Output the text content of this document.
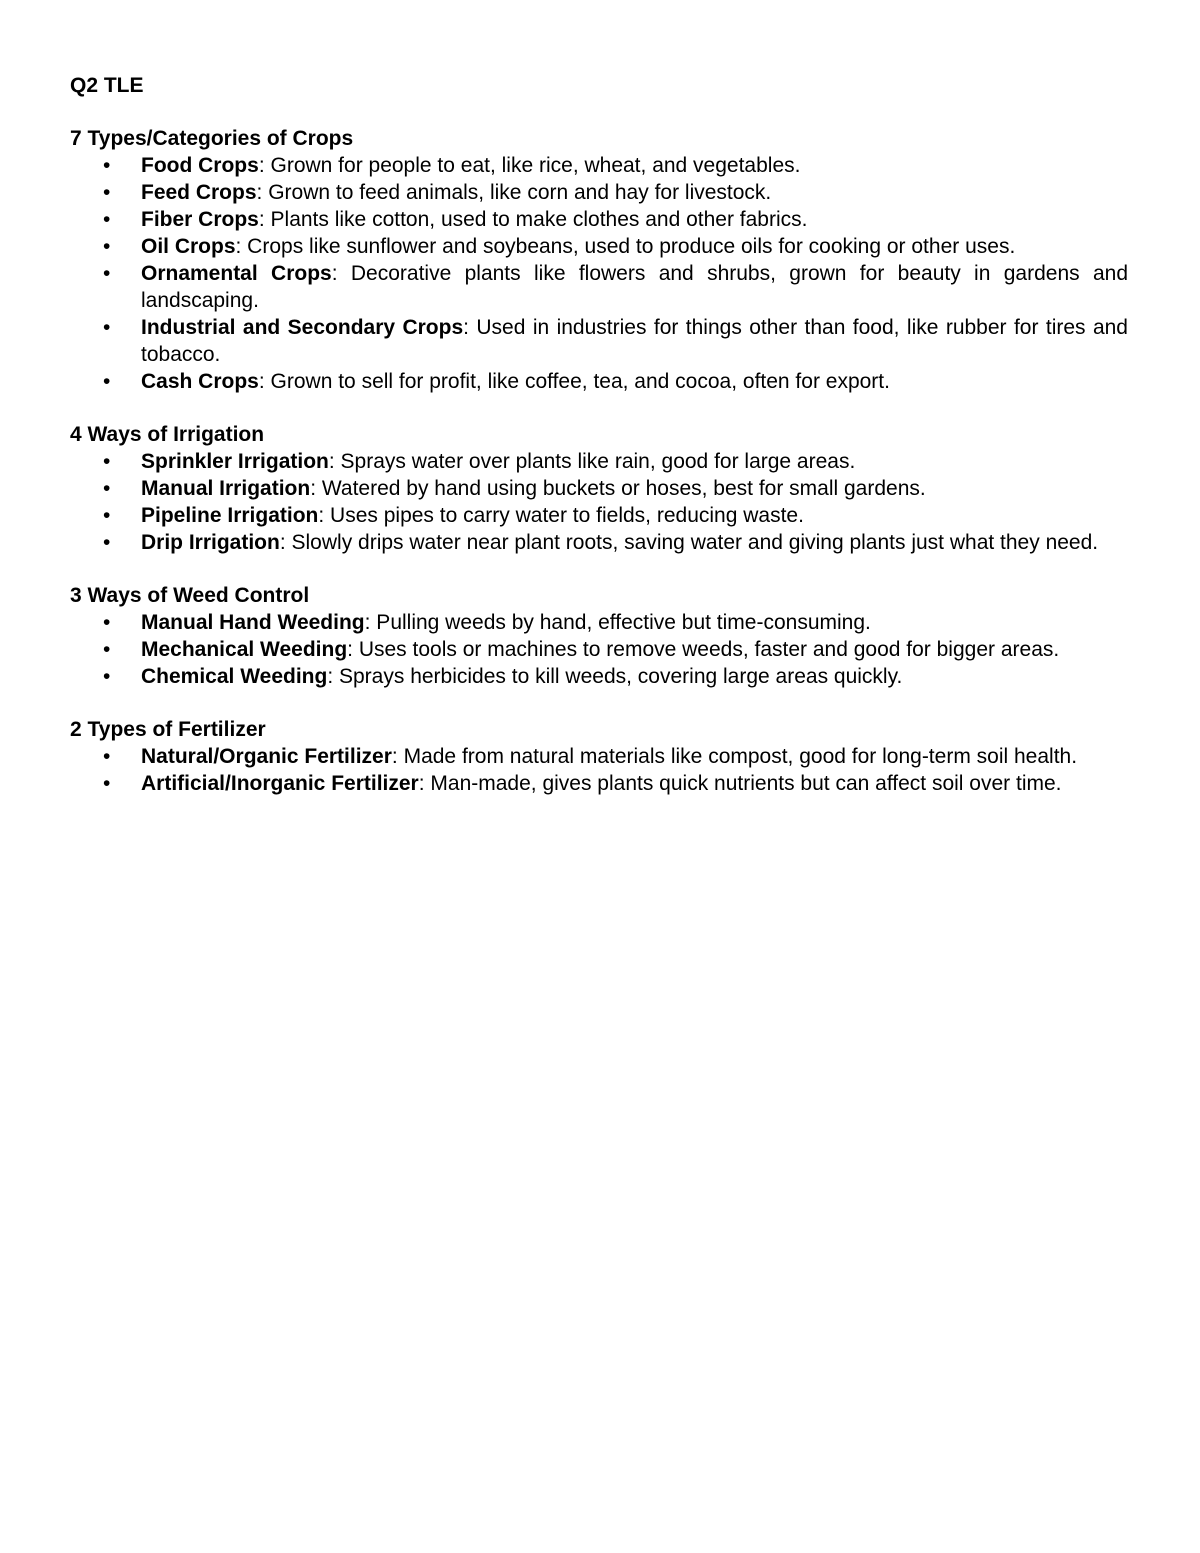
Q2 TLE
7 Types/Categories of Crops
• Food Crops: Grown for people to eat, like rice, wheat, and vegetables.
• Feed Crops: Grown to feed animals, like corn and hay for livestock.
• Fiber Crops: Plants like cotton, used to make clothes and other fabrics.
• Oil Crops: Crops like sunflower and soybeans, used to produce oils for cooking or other uses.
• Ornamental Crops: Decorative plants like flowers and shrubs, grown for beauty in gardens and landscaping.
• Industrial and Secondary Crops: Used in industries for things other than food, like rubber for tires and tobacco.
• Cash Crops: Grown to sell for profit, like coffee, tea, and cocoa, often for export.
4 Ways of Irrigation
• Sprinkler Irrigation: Sprays water over plants like rain, good for large areas.
• Manual Irrigation: Watered by hand using buckets or hoses, best for small gardens.
• Pipeline Irrigation: Uses pipes to carry water to fields, reducing waste.
• Drip Irrigation: Slowly drips water near plant roots, saving water and giving plants just what they need.
3 Ways of Weed Control
• Manual Hand Weeding: Pulling weeds by hand, effective but time-consuming.
• Mechanical Weeding: Uses tools or machines to remove weeds, faster and good for bigger areas.
• Chemical Weeding: Sprays herbicides to kill weeds, covering large areas quickly.
2 Types of Fertilizer
• Natural/Organic Fertilizer: Made from natural materials like compost, good for long-term soil health.
• Artificial/Inorganic Fertilizer: Man-made, gives plants quick nutrients but can affect soil over time.
